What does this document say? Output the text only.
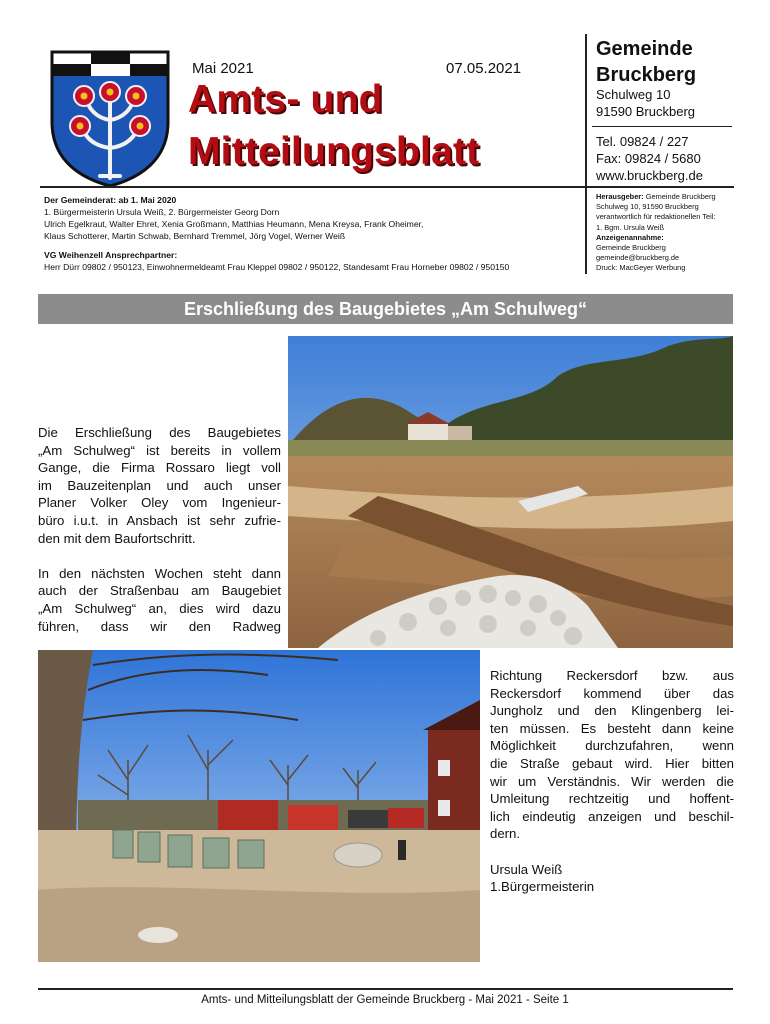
Mai 2021	07.05.2021
Amts- und
Mitteilungsblatt
Gemeinde
Bruckberg
Schulweg 10
91590 Bruckberg
Tel. 09824 / 227
Fax: 09824 / 5680
www.bruckberg.de
Der Gemeinderat: ab 1. Mai 2020
1. Bürgermeisterin Ursula Weiß, 2. Bürgermeister Georg Dorn
Ulrich Egelkraut, Walter Ehret, Xenia Großmann, Matthias Heumann, Mena Kreysa, Frank Oheimer,
Klaus Schotterer, Martin Schwab, Bernhard Tremmel, Jörg Vogel, Werner Weiß
VG Weihenzell Ansprechpartner:
Herr Dürr 09802 / 950123, Einwohnermeldeamt Frau Kleppel 09802 / 950122, Standesamt Frau Horneber 09802 / 950150
Herausgeber: Gemeinde Bruckberg
Schulweg 10, 91590 Bruckberg
verantwortlich für redaktionellen Teil:
1. Bgm. Ursula Weiß
Anzeigenannahme:
Gemeinde Bruckberg
gemeinde@bruckberg.de
Druck: MacGeyer Werbung
Erschließung des Baugebietes „Am Schulweg“
Die Erschließung des Baugebietes
„Am Schulweg“ ist bereits in vollem
Gange, die Firma Rossaro liegt voll
im Bauzeitenplan und auch unser
Planer Volker Oley vom Ingenieur-
büro i.u.t. in Ansbach ist sehr zufrie-
den mit dem Baufortschritt.
In den nächsten Wochen steht dann
auch der Straßenbau am Baugebiet
„Am Schulweg“ an, dies wird dazu
führen, dass wir den Radweg
Richtung Reckersdorf bzw. aus
Reckersdorf kommend über das
Jungholz und den Klingenberg lei-
ten müssen. Es besteht dann keine
Möglichkeit durchzufahren, wenn
die Straße gebaut wird. Hier bitten
wir um Verständnis. Wir werden die
Umleitung rechtzeitig und hoffent-
lich eindeutig anzeigen und beschil-
dern.
Ursula Weiß
1.Bürgermeisterin
Amts- und Mitteilungsblatt der Gemeinde Bruckberg - Mai 2021 - Seite 1
